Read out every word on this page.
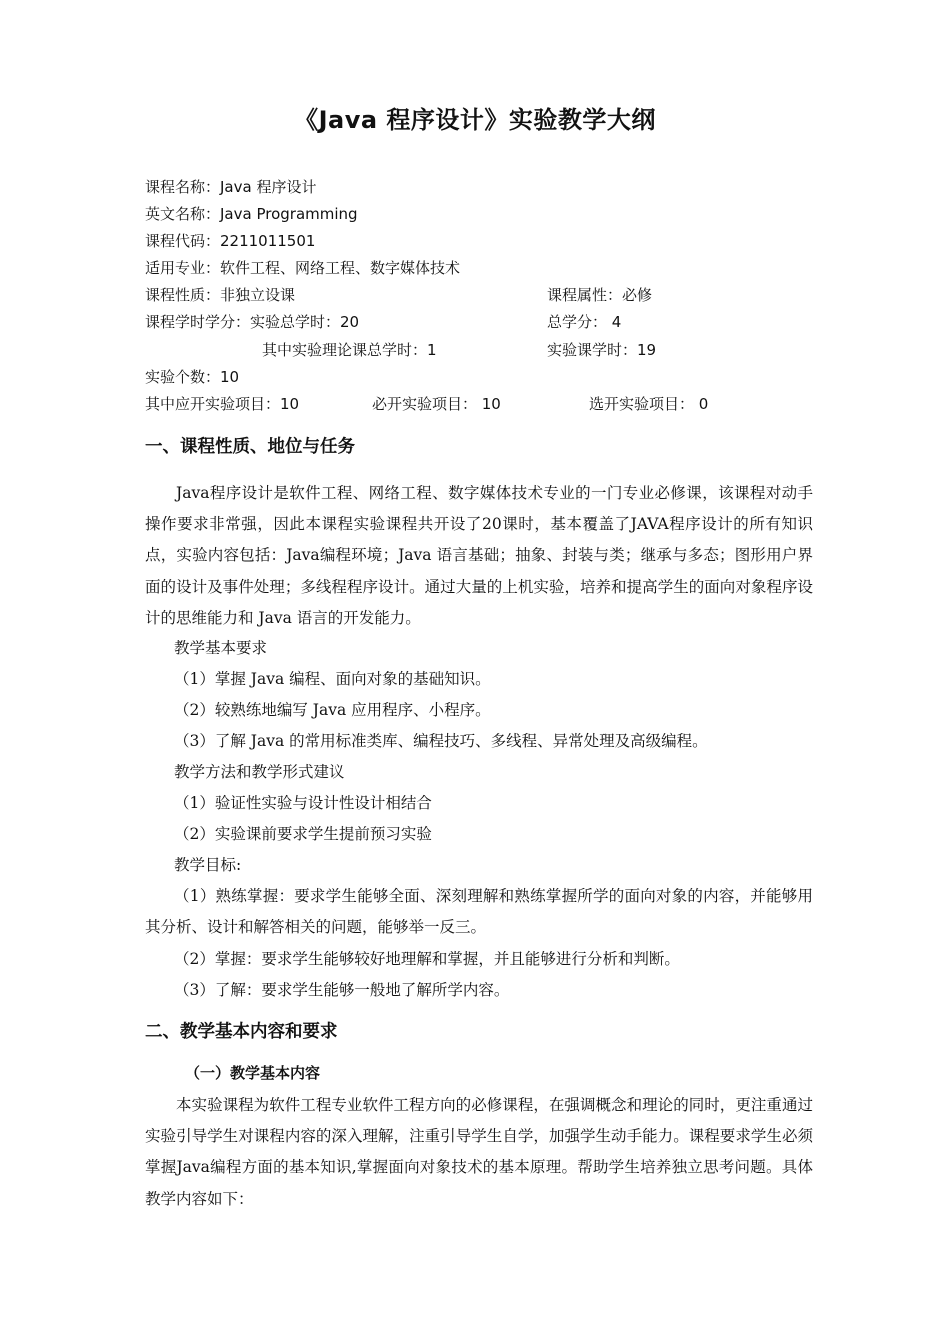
《Java 程序设计》实验教学大纲
课程名称：Java 程序设计
英文名称：Java Programming
课程代码：2211011501
适用专业：软件工程、网络工程、数字媒体技术
课程性质：非独立设课	课程属性：必修
课程学时学分：实验总学时：20	总学分： 4
其中实验理论课总学时：1	实验课学时：19
实验个数：10
其中应开实验项目：10	必开实验项目： 10	选开实验项目： 0
一、课程性质、地位与任务
Java程序设计是软件工程、网络工程、数字媒体技术专业的一门专业必修课，该课程对动手操作要求非常强，因此本课程实验课程共开设了20课时，基本覆盖了JAVA程序设计的所有知识点，实验内容包括：Java编程环境；Java 语言基础；抽象、封装与类；继承与多态；图形用户界面的设计及事件处理；多线程程序设计。通过大量的上机实验，培养和提高学生的面向对象程序设计的思维能力和 Java 语言的开发能力。
教学基本要求
（1）掌握 Java 编程、面向对象的基础知识。
（2）较熟练地编写 Java 应用程序、小程序。
（3）了解 Java 的常用标准类库、编程技巧、多线程、异常处理及高级编程。
教学方法和教学形式建议
（1）验证性实验与设计性设计相结合
（2）实验课前要求学生提前预习实验
教学目标:
（1）熟练掌握：要求学生能够全面、深刻理解和熟练掌握所学的面向对象的内容，并能够用其分析、设计和解答相关的问题，能够举一反三。
（2）掌握：要求学生能够较好地理解和掌握，并且能够进行分析和判断。
（3）了解：要求学生能够一般地了解所学内容。
二、教学基本内容和要求
（一）教学基本内容
本实验课程为软件工程专业软件工程方向的必修课程，在强调概念和理论的同时，更注重通过实验引导学生对课程内容的深入理解，注重引导学生自学，加强学生动手能力。课程要求学生必须掌握Java编程方面的基本知识,掌握面向对象技术的基本原理。帮助学生培养独立思考问题。具体教学内容如下：
